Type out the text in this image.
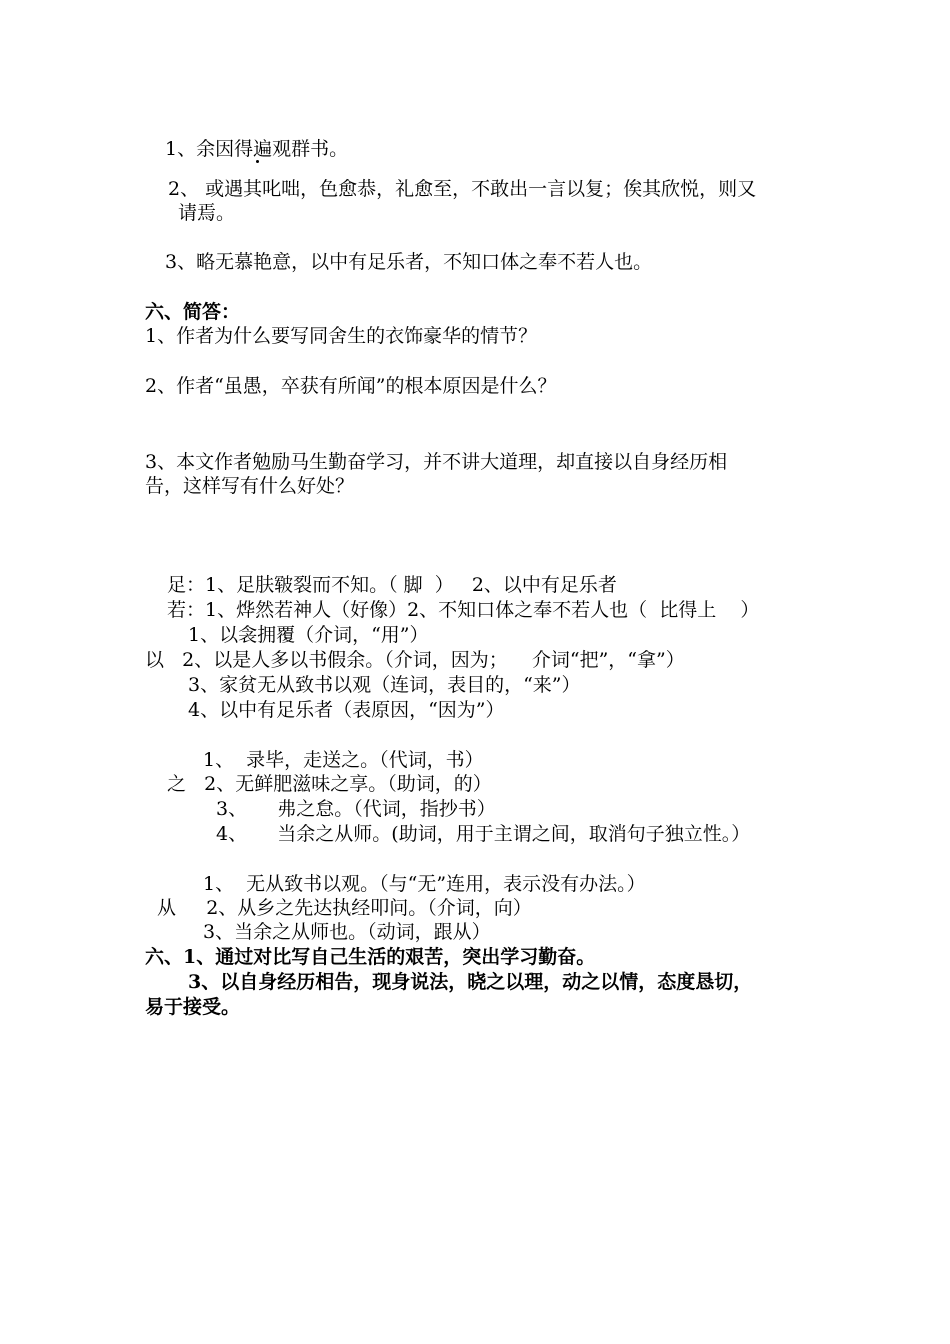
1、余因得遍观群书。

2、 或遇其叱咄，色愈恭，礼愈至，不敢出一言以复；俟其欣悦，则又

请焉。

3、略无慕艳意，以中有足乐者，不知口体之奉不若人也。

六、简答：

1、作者为什么要写同舍生的衣饰豪华的情节？

2、作者“虽愚，卒获有所闻”的根本原因是什么？

3、本文作者勉励马生勤奋学习，并不讲大道理，却直接以自身经历相

告，这样写有什么好处？

足：1、足肤皲裂而不知。（ 脚  ）   2、以中有足乐者

若：1、烨然若神人（好像）2、不知口体之奉不若人也（  比得上    ）

1、以衾拥覆（介词，“用”）

以   2、以是人多以书假余。（介词，因为；    介词“把”，“拿”）

3、家贫无从致书以观（连词，表目的，“来”）

4、以中有足乐者（表原因，“因为”）

1、  录毕，走送之。（代词，书）

之   2、无鲜肥滋味之享。（助词，的）

3、     弗之怠。（代词，指抄书）

4、     当余之从师。(助词，用于主谓之间，取消句子独立性。）

1、  无从致书以观。（与“无”连用，表示没有办法。）

从     2、从乡之先达执经叩问。（介词，向）

3、当余之从师也。（动词，跟从）

六、1、通过对比写自己生活的艰苦，突出学习勤奋。

3、以自身经历相告，现身说法，晓之以理，动之以情，态度恳切，

易于接受。
